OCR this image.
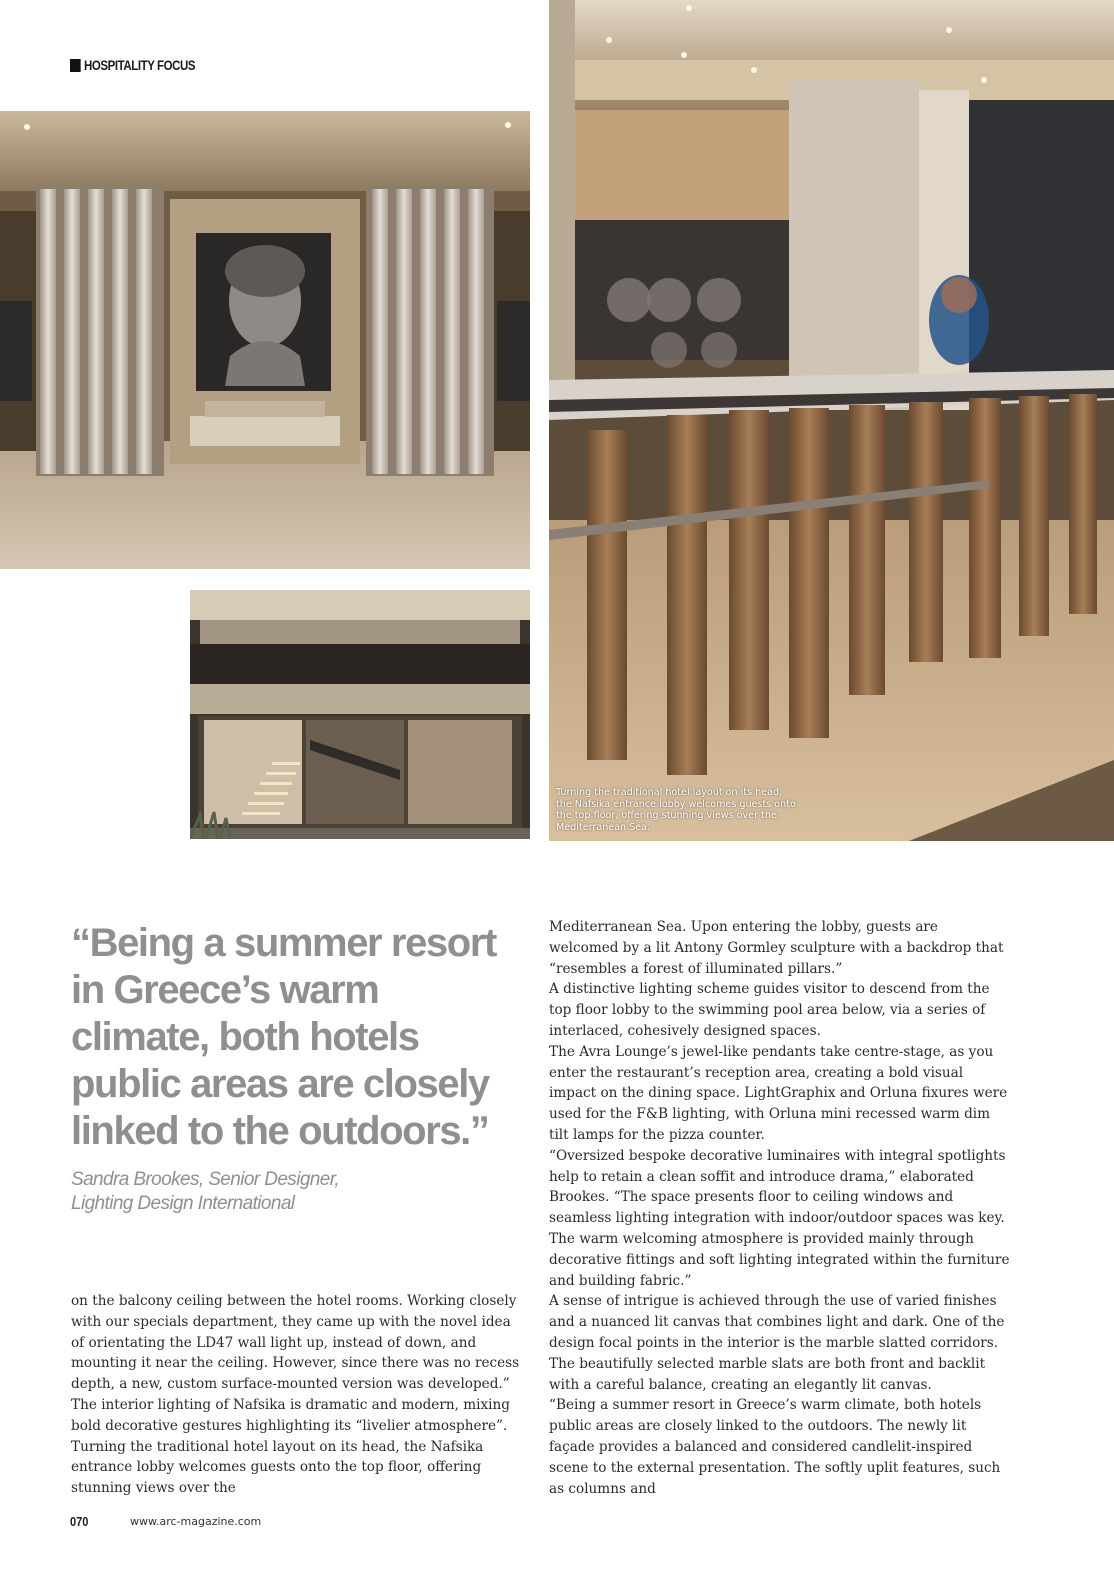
HOSPITALITY FOCUS
Turning the traditional hotel layout on its head, the Nafsika entrance lobby welcomes guests onto the top floor, offering stunning views over the Mediterranean Sea.

“Being a summer resort in Greece’s warm climate, both hotels public areas are closely linked to the outdoors.”

Sandra Brookes, Senior Designer,
Lighting Design International

on the balcony ceiling between the hotel rooms. Working closely with our specials department, they came up with the novel idea of orientating the LD47 wall light up, instead of down, and mounting it near the ceiling. However, since there was no recess depth, a new, custom surface-mounted version was developed.”

The interior lighting of Nafsika is dramatic and modern, mixing bold decorative gestures highlighting its “livelier atmosphere”. Turning the traditional hotel layout on its head, the Nafsika entrance lobby welcomes guests onto the top floor, offering stunning views over the

Mediterranean Sea. Upon entering the lobby, guests are welcomed by a lit Antony Gormley sculpture with a backdrop that “resembles a forest of illuminated pillars.”

A distinctive lighting scheme guides visitor to descend from the top floor lobby to the swimming pool area below, via a series of interlaced, cohesively designed spaces.

The Avra Lounge’s jewel-like pendants take centre-stage, as you enter the restaurant’s reception area, creating a bold visual impact on the dining space. LightGraphix and Orluna fixures were used for the F&B lighting, with Orluna mini recessed warm dim tilt lamps for the pizza counter.

“Oversized bespoke decorative luminaires with integral spotlights help to retain a clean soffit and introduce drama,” elaborated Brookes. “The space presents floor to ceiling windows and seamless lighting integration with indoor/outdoor spaces was key. The warm welcoming atmosphere is provided mainly through decorative fittings and soft lighting integrated within the furniture and building fabric.”

A sense of intrigue is achieved through the use of varied finishes and a nuanced lit canvas that combines light and dark. One of the design focal points in the interior is the marble slatted corridors. The beautifully selected marble slats are both front and backlit with a careful balance, creating an elegantly lit canvas.

“Being a summer resort in Greece’s warm climate, both hotels public areas are closely linked to the outdoors. The newly lit façade provides a balanced and considered candlelit-inspired scene to the external presentation. The softly uplit features, such as columns and

070	www.arc-magazine.com
